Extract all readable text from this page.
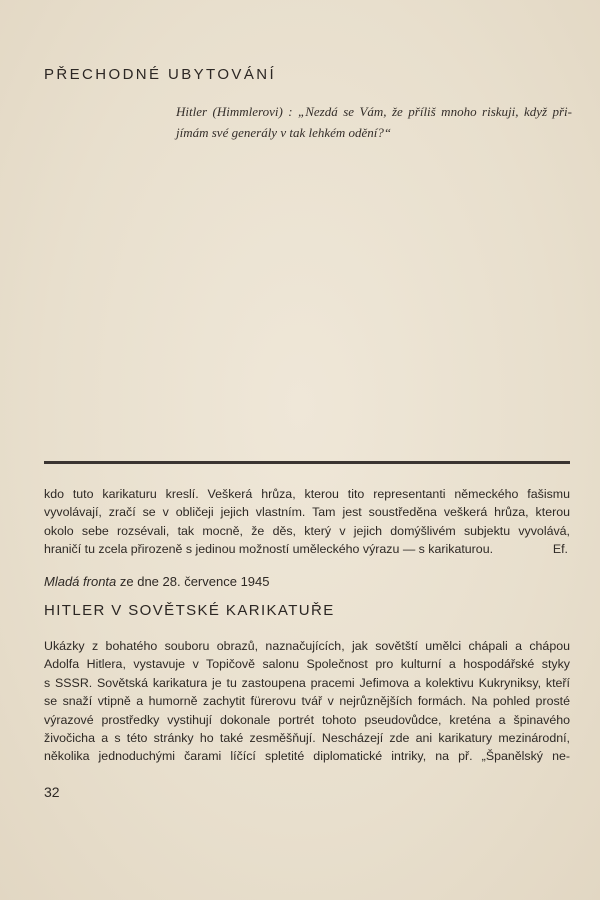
PŘECHODNÉ UBYTOVÁNÍ
Hitler (Himmlerovi) : „Nezdá se Vám, že příliš mnoho riskuji, když při-
jímám své generály v tak lehkém odění?“
kdo tuto karikaturu kreslí. Veškerá hrůza, kterou tito representanti německého fašismu
vyvolávají, zračí se v obličeji jejich vlastním. Tam jest soustředěna veškerá hrůza, kterou
okolo sebe rozsévali, tak mocně, že děs, který v jejich domýšlivém subjektu vyvolává,
hraničí tu zcela přirozeně s jedinou možností uměleckého výrazu — s karikaturou.	Ef.
Mladá fronta ze dne 28. července 1945
HITLER V SOVĚTSKÉ KARIKATUŘE
Ukázky z bohatého souboru obrazů, naznačujících, jak sovětští umělci chápali a chápou
Adolfa Hitlera, vystavuje v Topičově salonu Společnost pro kulturní a hospodářské styky
s SSSR. Sovětská karikatura je tu zastoupena pracemi Jefimova a kolektivu Kukryniksy, kteří
se snaží vtipně a humorně zachytit fürerovu tvář v nejrůznějších formách. Na pohled prosté
výrazové prostředky vystihují dokonale portrét tohoto pseudovůdce, kreténa a špinavého
živočicha a s této stránky ho také zesměšňují. Nescházejí zde ani karikatury mezinárodní,
několika jednoduchými čarami líčící spletité diplomatické intriky, na př. „Španělský ne-
32
